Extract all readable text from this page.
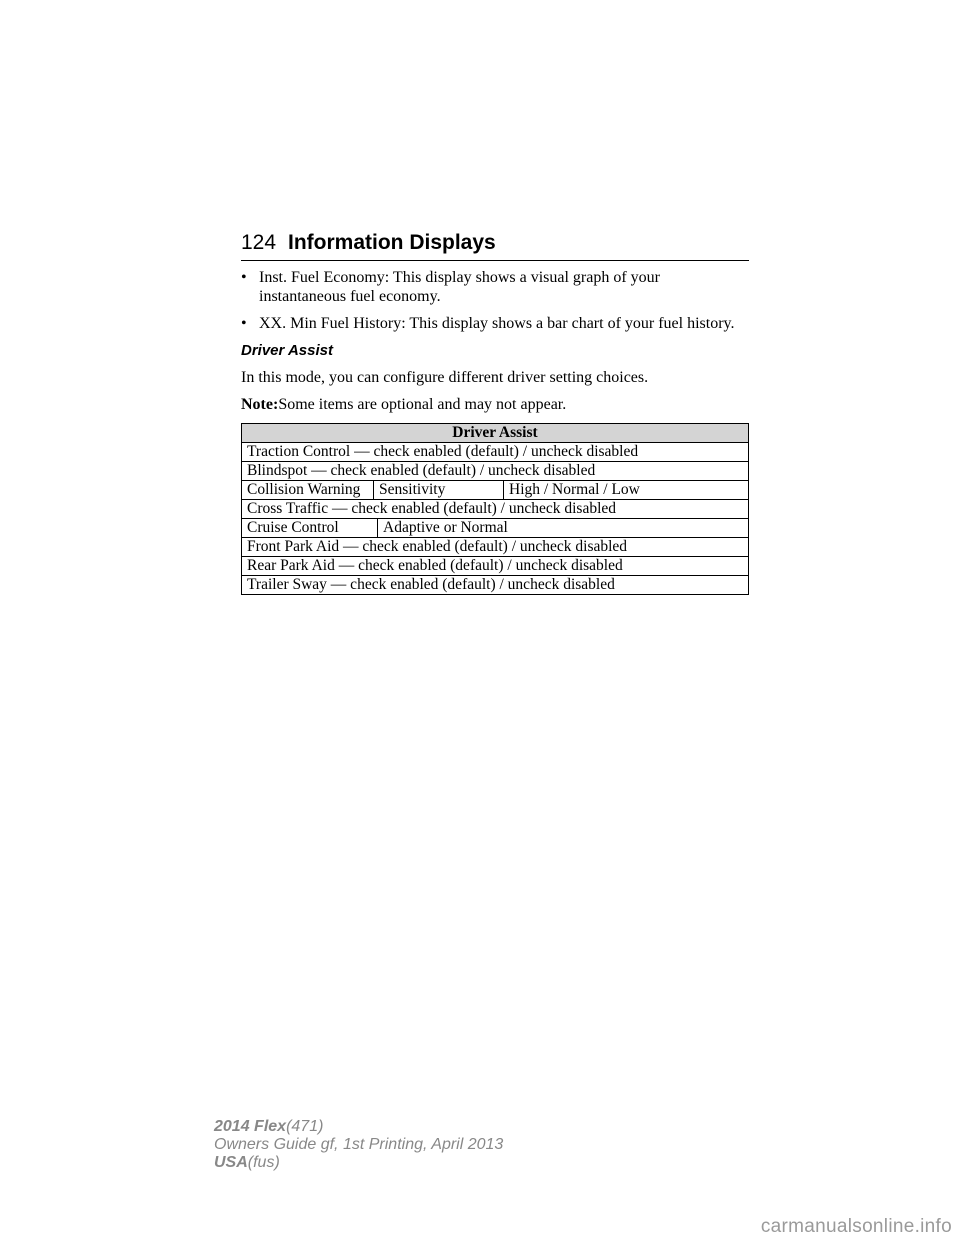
124 Information Displays
• Inst. Fuel Economy: This display shows a visual graph of your instantaneous fuel economy.
• XX. Min Fuel History: This display shows a bar chart of your fuel history.
Driver Assist
In this mode, you can configure different driver setting choices.
Note:Some items are optional and may not appear.
Driver Assist
Traction Control — check enabled (default) / uncheck disabled
Blindspot — check enabled (default) / uncheck disabled

Collision Warning	Sensitivity	High / Normal / Low

Cross Traffic — check enabled (default) / uncheck disabled

Cruise Control	Adaptive or Normal

Front Park Aid — check enabled (default) / uncheck disabled
Rear Park Aid — check enabled (default) / uncheck disabled
Trailer Sway — check enabled (default) / uncheck disabled
2014 Flex(471)
Owners Guide gf, 1st Printing, April 2013
USA(fus)
carmanualsonline.info
